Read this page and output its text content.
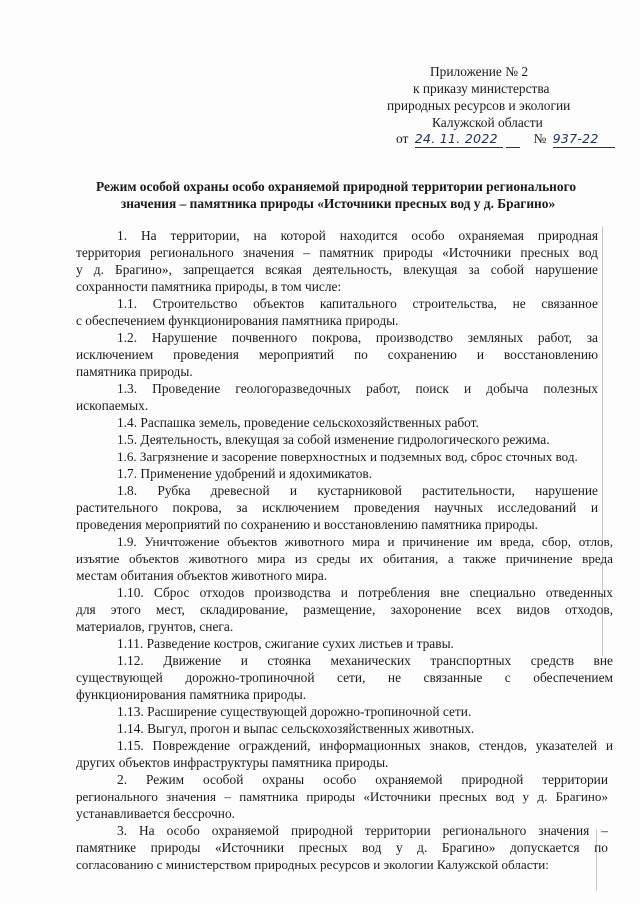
Приложение № 2
к приказу министерства
природных ресурсов и экологии
Калужской области
от 24. 11. 2022	№ 937-22
Режим особой охраны особо охраняемой природной территории регионального
значения – памятника природы «Источники пресных вод у д. Брагино»
1. На территории, на которой находится особо охраняемая природная
территория регионального значения – памятник природы «Источники пресных вод
у д. Брагино», запрещается всякая деятельность, влекущая за собой нарушение
сохранности памятника природы, в том числе:
1.1. Строительство объектов капитального строительства, не связанное
с обеспечением функционирования памятника природы.
1.2. Нарушение почвенного покрова, производство земляных работ, за
исключением проведения мероприятий по сохранению и восстановлению
памятника природы.
1.3. Проведение геологоразведочных работ, поиск и добыча полезных
ископаемых.
1.4. Распашка земель, проведение сельскохозяйственных работ.
1.5. Деятельность, влекущая за собой изменение гидрологического режима.
1.6. Загрязнение и засорение поверхностных и подземных вод, сброс сточных вод.
1.7. Применение удобрений и ядохимикатов.
1.8. Рубка древесной и кустарниковой растительности, нарушение
растительного покрова, за исключением проведения научных исследований и
проведения мероприятий по сохранению и восстановлению памятника природы.
1.9. Уничтожение объектов животного мира и причинение им вреда, сбор, отлов,
изъятие объектов животного мира из среды их обитания, а также причинение вреда
местам обитания объектов животного мира.
1.10. Сброс отходов производства и потребления вне специально отведенных
для этого мест, складирование, размещение, захоронение всех видов отходов,
материалов, грунтов, снега.
1.11. Разведение костров, сжигание сухих листьев и травы.
1.12. Движение и стоянка механических транспортных средств вне
существующей дорожно-тропиночной сети, не связанные с обеспечением
функционирования памятника природы.
1.13. Расширение существующей дорожно-тропиночной сети.
1.14. Выгул, прогон и выпас сельскохозяйственных животных.
1.15. Повреждение ограждений, информационных знаков, стендов, указателей и
других объектов инфраструктуры памятника природы.
2. Режим особой охраны особо охраняемой природной территории
регионального значения – памятника природы «Источники пресных вод у д. Брагино»
устанавливается бессрочно.
3. На особо охраняемой природной территории регионального значения –
памятнике природы «Источники пресных вод у д. Брагино» допускается по
согласованию с министерством природных ресурсов и экологии Калужской области:
